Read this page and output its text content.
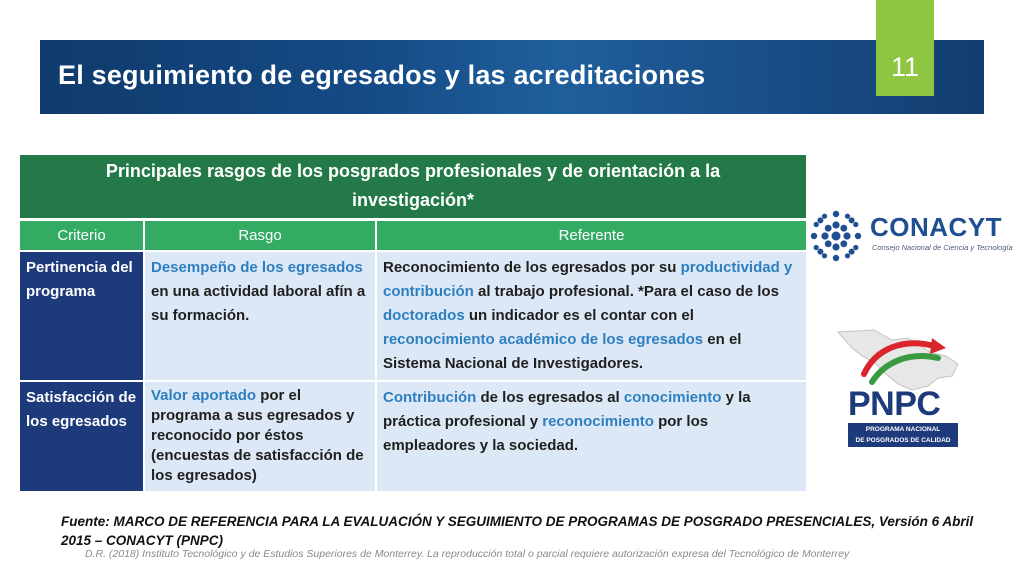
El seguimiento de egresados y las acreditaciones	11
Principales rasgos de los posgrados profesionales y de orientación a la investigación*		
Criterio	Rasgo	Referente
Pertinencia del programa	Desempeño de los egresados en una actividad laboral afín a su formación.	Reconocimiento de los egresados por su productividad y contribución al trabajo profesional. *Para el caso de los doctorados un indicador es el contar con el reconocimiento académico de los egresados en el Sistema Nacional de Investigadores.
Satisfacción de los egresados	Valor aportado por el programa a sus egresados y reconocido por éstos (encuestas de satisfacción de los egresados)	Contribución de los egresados al conocimiento y la práctica profesional y reconocimiento por los empleadores y la sociedad.
CONACYT
Consejo Nacional de Ciencia y Tecnología
PNPC
PROGRAMA NACIONAL
DE POSGRADOS DE CALIDAD
Fuente: MARCO DE REFERENCIA PARA LA EVALUACIÓN Y SEGUIMIENTO DE PROGRAMAS DE POSGRADO PRESENCIALES, Versión 6 Abril 2015 – CONACYT (PNPC)
D.R. (2018) Instituto Tecnológico y de Estudios Superiores de Monterrey. La reproducción total o parcial requiere autorización expresa del Tecnológico de Monterrey
